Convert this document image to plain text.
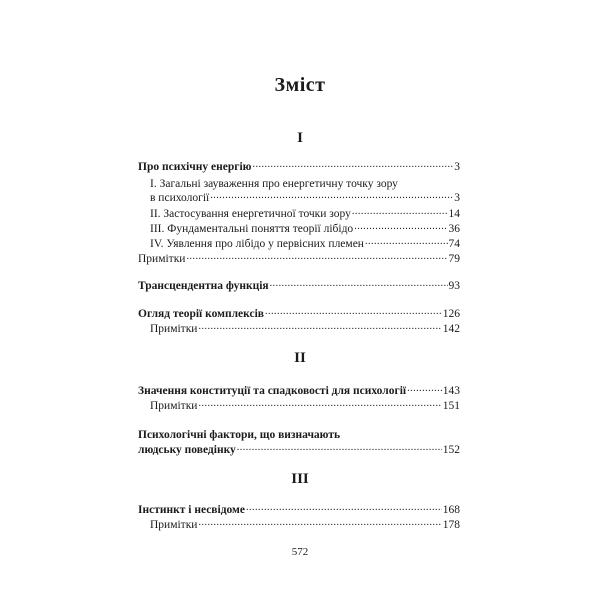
Зміст
I
Про психічну енергію .....	3
I. Загальні зауваження про енергетичну точку зору
в психології .....	3
II. Застосування енергетичної точки зору .....	14
III. Фундаментальні поняття теорії лібідо .....	36
IV. Уявлення про лібідо у первісних племен .....	74
Примітки .....	79
Трансцендентна функція .....	93
Огляд теорії комплексів .....	126
Примітки .....	142
II
Значення конституції та спадковості для психології .....	143
Примітки .....	151
Психологічні фактори, що визначають
людську поведінку .....	152
III
Інстинкт і несвідоме .....	168
Примітки .....	178
572
